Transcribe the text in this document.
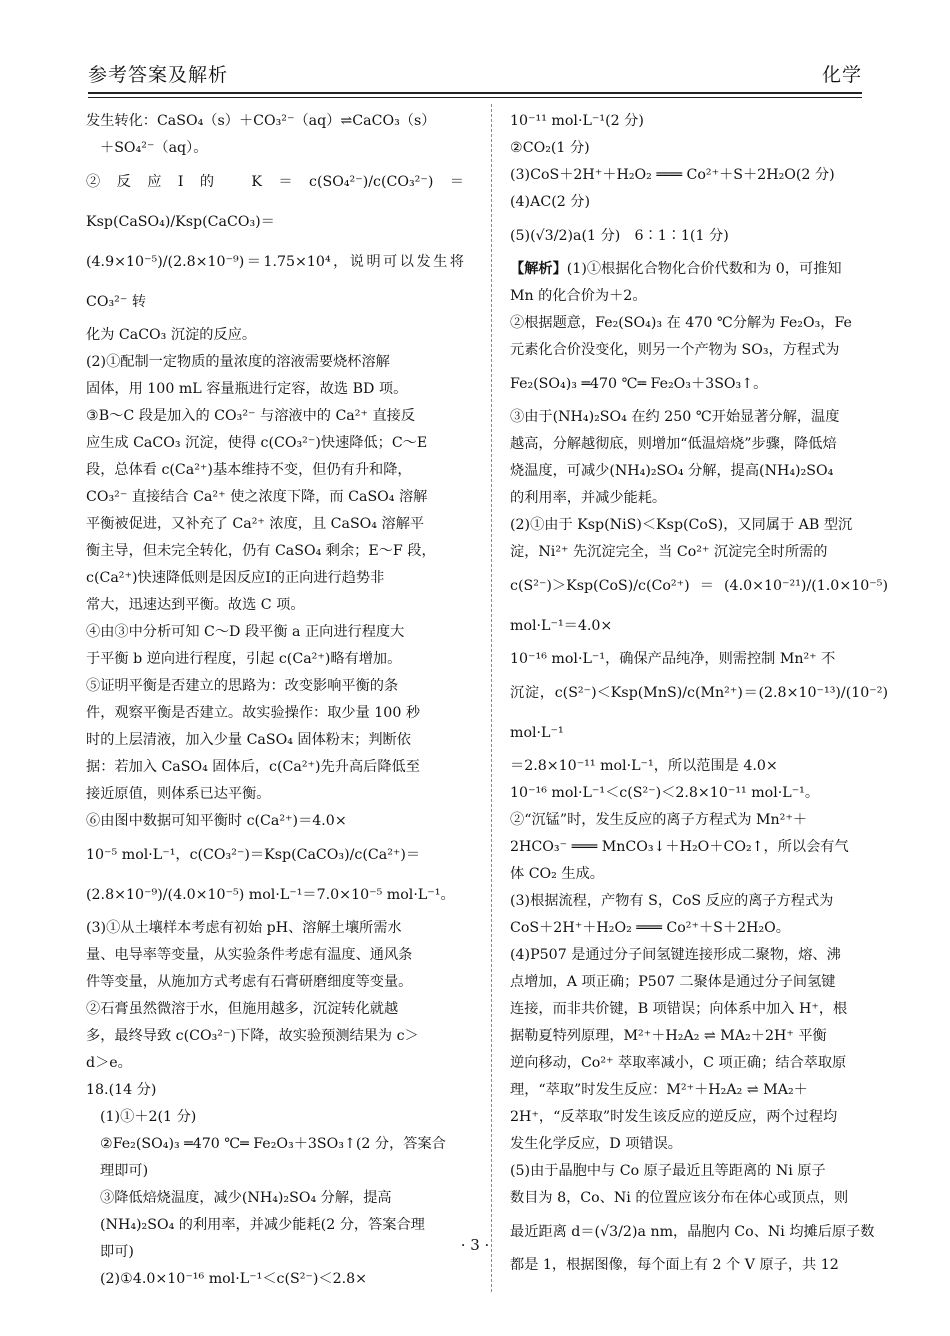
参考答案及解析	化学

发生转化：CaSO₄（s）＋CO₃²⁻（aq）⇌CaCO₃（s）

＋SO₄²⁻（aq）。

②反应Ⅰ的 K＝c(SO₄²⁻)/c(CO₃²⁻)＝Ksp(CaSO₄)/Ksp(CaCO₃)＝

(4.9×10⁻⁵)/(2.8×10⁻⁹)＝1.75×10⁴，说明可以发生将 CO₃²⁻ 转

化为 CaCO₃ 沉淀的反应。

(2)①配制一定物质的量浓度的溶液需要烧杯溶解

固体，用 100 mL 容量瓶进行定容，故选 BD 项。

③B～C 段是加入的 CO₃²⁻ 与溶液中的 Ca²⁺ 直接反

应生成 CaCO₃ 沉淀，使得 c(CO₃²⁻)快速降低；C～E

段，总体看 c(Ca²⁺)基本维持不变，但仍有升和降，

CO₃²⁻ 直接结合 Ca²⁺ 使之浓度下降，而 CaSO₄ 溶解

平衡被促进，又补充了 Ca²⁺ 浓度，且 CaSO₄ 溶解平

衡主导，但未完全转化，仍有 CaSO₄ 剩余；E～F 段，

c(Ca²⁺)快速降低则是因反应Ⅰ的正向进行趋势非

常大，迅速达到平衡。故选 C 项。

④由③中分析可知 C～D 段平衡 a 正向进行程度大

于平衡 b 逆向进行程度，引起 c(Ca²⁺)略有增加。

⑤证明平衡是否建立的思路为：改变影响平衡的条

件，观察平衡是否建立。故实验操作：取少量 100 秒

时的上层清液，加入少量 CaSO₄ 固体粉末；判断依

据：若加入 CaSO₄ 固体后，c(Ca²⁺)先升高后降低至

接近原值，则体系已达平衡。

⑥由图中数据可知平衡时 c(Ca²⁺)＝4.0×

10⁻⁵ mol·L⁻¹，c(CO₃²⁻)＝Ksp(CaCO₃)/c(Ca²⁺)＝

(2.8×10⁻⁹)/(4.0×10⁻⁵) mol·L⁻¹＝7.0×10⁻⁵ mol·L⁻¹。

(3)①从土壤样本考虑有初始 pH、溶解土壤所需水

量、电导率等变量，从实验条件考虑有温度、通风条

件等变量，从施加方式考虑有石膏研磨细度等变量。

②石膏虽然微溶于水，但施用越多，沉淀转化就越

多，最终导致 c(CO₃²⁻)下降，故实验预测结果为 c＞

d＞e。

18.(14 分)

(1)①＋2(1 分)

②Fe₂(SO₄)₃ ═470 ℃═ Fe₂O₃＋3SO₃↑(2 分，答案合

理即可)

③降低焙烧温度，减少(NH₄)₂SO₄ 分解，提高

(NH₄)₂SO₄ 的利用率，并减少能耗(2 分，答案合理

即可)

(2)①4.0×10⁻¹⁶ mol·L⁻¹＜c(S²⁻)＜2.8×

10⁻¹¹ mol·L⁻¹(2 分)

②CO₂(1 分)

(3)CoS＋2H⁺＋H₂O₂ ═══ Co²⁺＋S＋2H₂O(2 分)

(4)AC(2 分)

(5)(√3/2)a(1 分)　6∶1∶1(1 分)

【解析】(1)①根据化合物化合价代数和为 0，可推知

Mn 的化合价为＋2。

②根据题意，Fe₂(SO₄)₃ 在 470 ℃分解为 Fe₂O₃，Fe

元素化合价没变化，则另一个产物为 SO₃，方程式为

Fe₂(SO₄)₃ ═470 ℃═ Fe₂O₃＋3SO₃↑。

③由于(NH₄)₂SO₄ 在约 250 ℃开始显著分解，温度

越高，分解越彻底，则增加“低温焙烧”步骤，降低焙

烧温度，可减少(NH₄)₂SO₄ 分解，提高(NH₄)₂SO₄

的利用率，并减少能耗。

(2)①由于 Ksp(NiS)＜Ksp(CoS)，又同属于 AB 型沉

淀，Ni²⁺ 先沉淀完全，当 Co²⁺ 沉淀完全时所需的

c(S²⁻)＞Ksp(CoS)/c(Co²⁺)＝(4.0×10⁻²¹)/(1.0×10⁻⁵) mol·L⁻¹＝4.0×

10⁻¹⁶ mol·L⁻¹，确保产品纯净，则需控制 Mn²⁺ 不

沉淀，c(S²⁻)＜Ksp(MnS)/c(Mn²⁺)＝(2.8×10⁻¹³)/(10⁻²) mol·L⁻¹

＝2.8×10⁻¹¹ mol·L⁻¹，所以范围是 4.0×

10⁻¹⁶ mol·L⁻¹＜c(S²⁻)＜2.8×10⁻¹¹ mol·L⁻¹。

②“沉锰”时，发生反应的离子方程式为 Mn²⁺＋

2HCO₃⁻ ═══ MnCO₃↓＋H₂O＋CO₂↑，所以会有气

体 CO₂ 生成。

(3)根据流程，产物有 S，CoS 反应的离子方程式为

CoS＋2H⁺＋H₂O₂ ═══ Co²⁺＋S＋2H₂O。

(4)P507 是通过分子间氢键连接形成二聚物，熔、沸

点增加，A 项正确；P507 二聚体是通过分子间氢键

连接，而非共价键，B 项错误；向体系中加入 H⁺，根

据勒夏特列原理，M²⁺＋H₂A₂ ⇌ MA₂＋2H⁺ 平衡

逆向移动，Co²⁺ 萃取率减小，C 项正确；结合萃取原

理，“萃取”时发生反应：M²⁺＋H₂A₂ ⇌ MA₂＋

2H⁺，“反萃取”时发生该反应的逆反应，两个过程均

发生化学反应，D 项错误。

(5)由于晶胞中与 Co 原子最近且等距离的 Ni 原子

数目为 8，Co、Ni 的位置应该分布在体心或顶点，则

最近距离 d＝(√3/2)a nm，晶胞内 Co、Ni 均摊后原子数

都是 1，根据图像，每个面上有 2 个 V 原子，共 12

· 3 ·
